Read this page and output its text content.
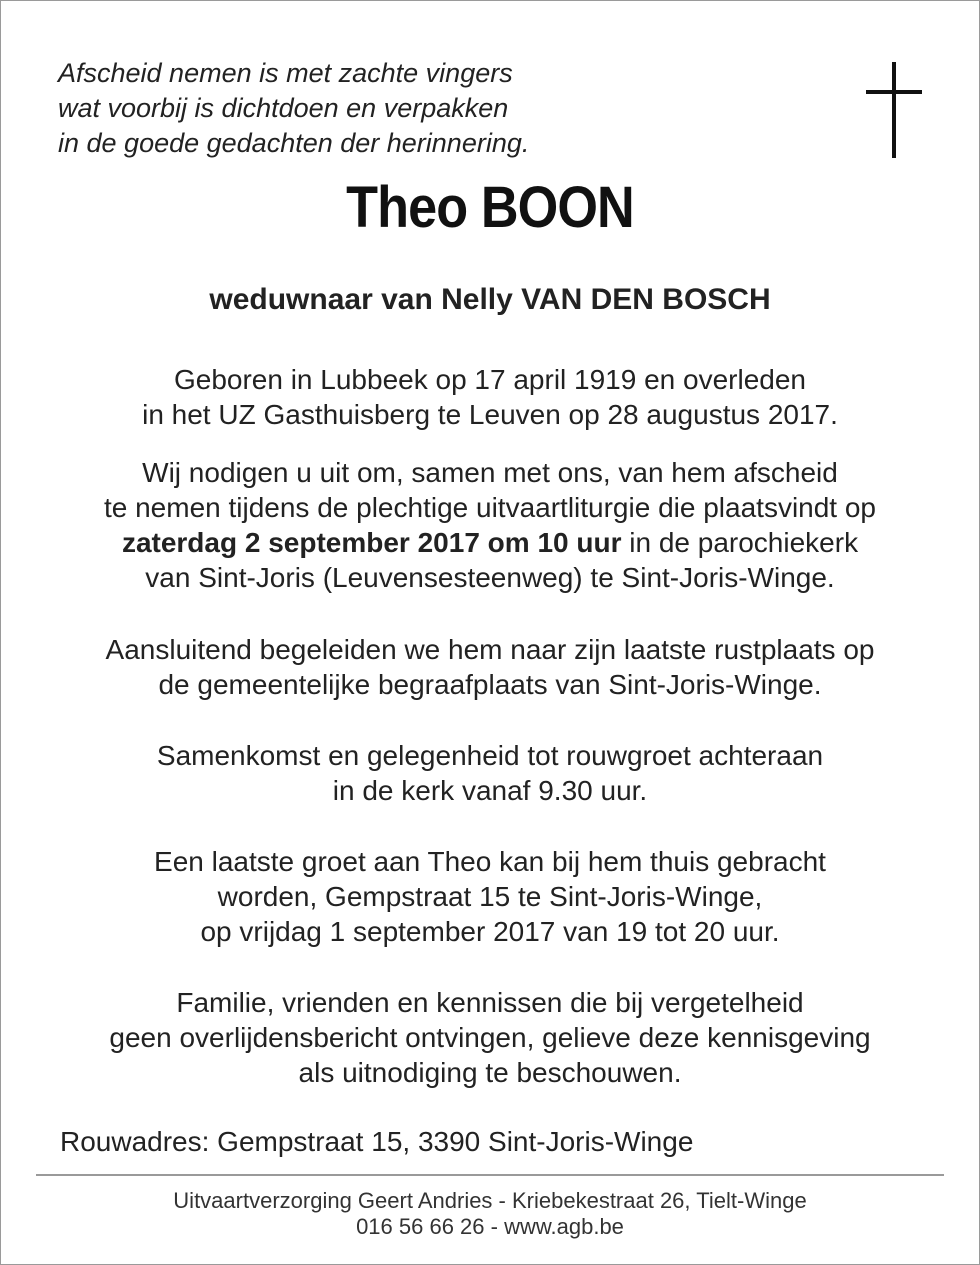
Afscheid nemen is met zachte vingers
wat voorbij is dichtdoen en verpakken
in de goede gedachten der herinnering.
Theo BOON
weduwnaar van Nelly VAN DEN BOSCH
Geboren in Lubbeek op 17 april 1919 en overleden
in het UZ Gasthuisberg te Leuven op 28 augustus 2017.
Wij nodigen u uit om, samen met ons, van hem afscheid
te nemen tijdens de plechtige uitvaartliturgie die plaatsvindt op
zaterdag 2 september 2017 om 10 uur in de parochiekerk
van Sint-Joris (Leuvensesteenweg) te Sint-Joris-Winge.
Aansluitend begeleiden we hem naar zijn laatste rustplaats op
de gemeentelijke begraafplaats van Sint-Joris-Winge.
Samenkomst en gelegenheid tot rouwgroet achteraan
in de kerk vanaf 9.30 uur.
Een laatste groet aan Theo kan bij hem thuis gebracht
worden, Gempstraat 15 te Sint-Joris-Winge,
op vrijdag 1 september 2017 van 19 tot 20 uur.
Familie, vrienden en kennissen die bij vergetelheid
geen overlijdensbericht ontvingen, gelieve deze kennisgeving
als uitnodiging te beschouwen.
Rouwadres: Gempstraat 15, 3390 Sint-Joris-Winge
Uitvaartverzorging Geert Andries - Kriebekestraat 26, Tielt-Winge
016 56 66 26 - www.agb.be
